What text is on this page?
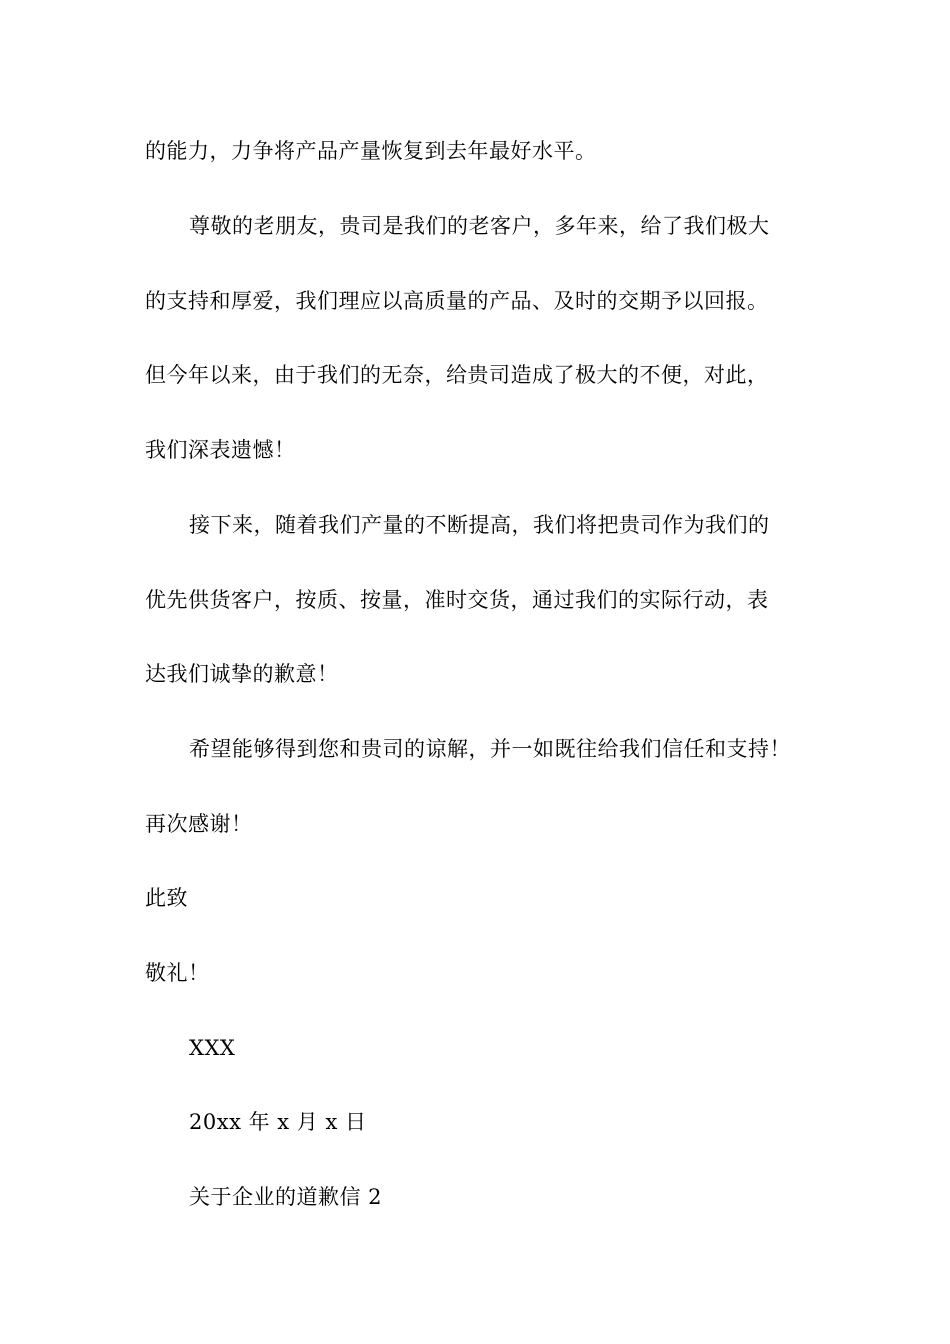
的能力，力争将产品产量恢复到去年最好水平。
尊敬的老朋友，贵司是我们的老客户，多年来，给了我们极大
的支持和厚爱，我们理应以高质量的产品、及时的交期予以回报。
但今年以来，由于我们的无奈，给贵司造成了极大的不便，对此，
我们深表遗憾！
接下来，随着我们产量的不断提高，我们将把贵司作为我们的
优先供货客户，按质、按量，准时交货，通过我们的实际行动，表
达我们诚挚的歉意！
希望能够得到您和贵司的谅解，并一如既往给我们信任和支持！
再次感谢！
此致
敬礼！
XXX
20xx 年 x 月 x 日
关于企业的道歉信 2
